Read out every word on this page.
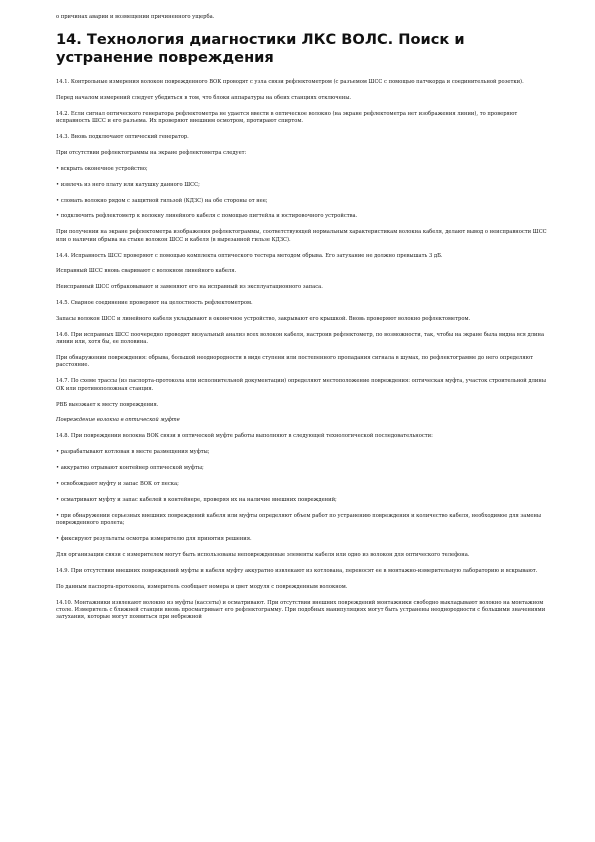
о причинах аварии и возмещении причиненного ущерба.
14. Технология диагностики ЛКС ВОЛС. Поиск и устранение повреждения

14.1. Контрольные измерения волокон поврежденного ВОК проводят с узла связи рефлектометром (с разъемом ШСС с помощью патчкорда и соединительной розетки).

Перед началом измерений следует убедиться в том, что блоки аппаратуры на обеих станциях отключены.

14.2. Если сигнал оптического генератора рефлектометра не удается ввести в оптическое волокно (на экране рефлектометра нет изображения линии), то проверяют исправность ШСС и его разъема. Их проверяют внешним осмотром, протирают спиртом.

14.3. Вновь подключают оптический генератор.

При отсутствии рефлектограммы на экране рефлектометра следует:

• вскрыть оконечное устройство;

• извлечь из него плату или катушку данного ШСС;

• сломать волокно рядом с защитной гильзой (КДЗС) на обе стороны от нее;

• подключить рефлектометр к волокну линейного кабеля с помощью пигтейла и юстировочного устройства.

При получении на экране рефлектометра изображения рефлектограммы, соответствующей нормальным характеристикам волокна кабеля, делают вывод о неисправности ШСС или о наличии обрыва на стыке волокон ШСС и кабеля (в вырезанной гильзе КДЗС).

14.4. Исправность ШСС проверяют с помощью комплекта оптического тестера методом обрыва. Его затухание не должно превышать 3 дБ.

Исправный ШСС вновь сваривают с волокном линейного кабеля.

Неисправный ШСС отбраковывают и заменяют его на исправный из эксплуатационного запаса.

14.5. Сварное соединение проверяют на целостность рефлектометром.

Запасы волокон ШСС и линейного кабеля укладывают в оконечное устройство, закрывают его крышкой. Вновь проверяют волокно рефлектометром.

14.6. При исправных ШСС поочередно проводят визуальный анализ всех волокон кабеля, настроив рефлектометр, по возможности, так, чтобы на экране была видна вся длина линии или, хотя бы, ее половина.

При обнаружении повреждения: обрыва, большой неоднородности в виде ступени или постепенного пропадания сигнала в шумах, по рефлектограмме до него определяют расстояние.

14.7. По схеме трассы (из паспорта-протокола или исполнительной документации) определяют местоположение повреждения: оптическая муфта, участок строительной длины ОК или противоположная станция.

РВБ выезжает к месту повреждения.

Повреждение волокна в оптической муфте

14.8. При повреждении волокна ВОК связи в оптической муфте работы выполняют в следующей технологической последовательности:

• разрабатывают котлован в месте размещения муфты;

• аккуратно отрывают контейнер оптической муфты;

• освобождают муфту и запас ВОК от песка;

• осматривают муфту и запас кабелей в контейнере, проверяя их на наличие внешних повреждений;

• при обнаружении серьезных внешних повреждений кабеля или муфты определяют объем работ по устранению повреждения и количество кабеля, необходимое для замены поврежденного пролета;

• фиксируют результаты осмотра измерителю для принятия решения.

Для организации связи с измерителем могут быть использованы неповрежденные элементы кабеля или одно из волокон для оптического телефона.

14.9. При отсутствии внешних повреждений муфты и кабеля муфту аккуратно извлекают из котлована, переносят ее в монтажно-измерительную лабораторию и вскрывают.

По данным паспорта-протокола, измеритель сообщает номера и цвет модуля с поврежденным волокном.

14.10. Монтажники извлекают волокно из муфты (кассеты) и осматривают. При отсутствии внешних повреждений монтажники свободно выкладывают волокно на монтажном столе. Измеритель с ближней станции вновь просматривает его рефлектограмму. При подобных манипуляциях могут быть устранены неоднородности с большими значениями затухания, которые могут появиться при небрежной
